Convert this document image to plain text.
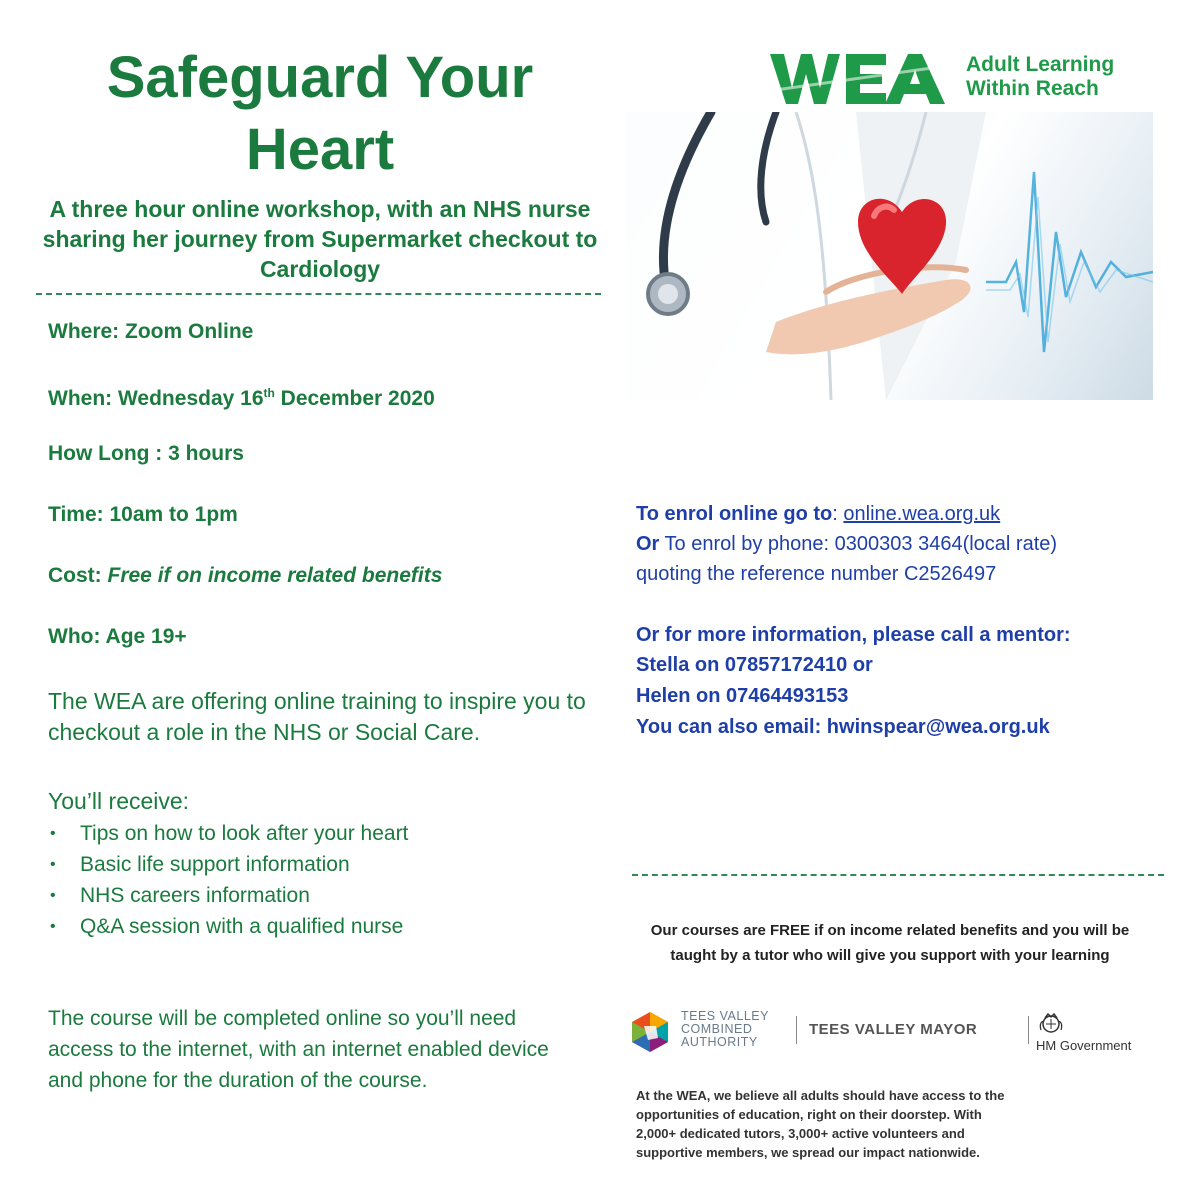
Safeguard Your
Heart
A three hour online workshop, with an NHS nurse sharing her journey from Supermarket checkout to Cardiology
Where: Zoom Online
When: Wednesday 16th December 2020
How Long : 3 hours
Time: 10am to 1pm
Cost: Free if on income related benefits
Who: Age 19+
The WEA are offering online training to inspire you to checkout a role in the NHS or Social Care.
You’ll receive:
• Tips on how to look after your heart
• Basic life support information
• NHS careers information
• Q&A session with a qualified nurse
The course will be completed online so you’ll need access to the internet, with an internet enabled device and phone for the duration of the course.
Adult Learning
Within Reach
To enrol online go to: online.wea.org.uk
Or To enrol by phone: 0300303 3464(local rate)
quoting the reference number C2526497
Or for more information, please call a mentor:
Stella on 07857172410 or
Helen on 07464493153
You can also email: hwinspear@wea.org.uk
Our courses are FREE if on income related benefits and you will be taught by a tutor who will give you support with your learning
TEES VALLEY
COMBINED
AUTHORITY
TEES VALLEY MAYOR
HM Government
At the WEA, we believe all adults should have access to the opportunities of education, right on their doorstep. With 2,000+ dedicated tutors, 3,000+ active volunteers and supportive members, we spread our impact nationwide.
